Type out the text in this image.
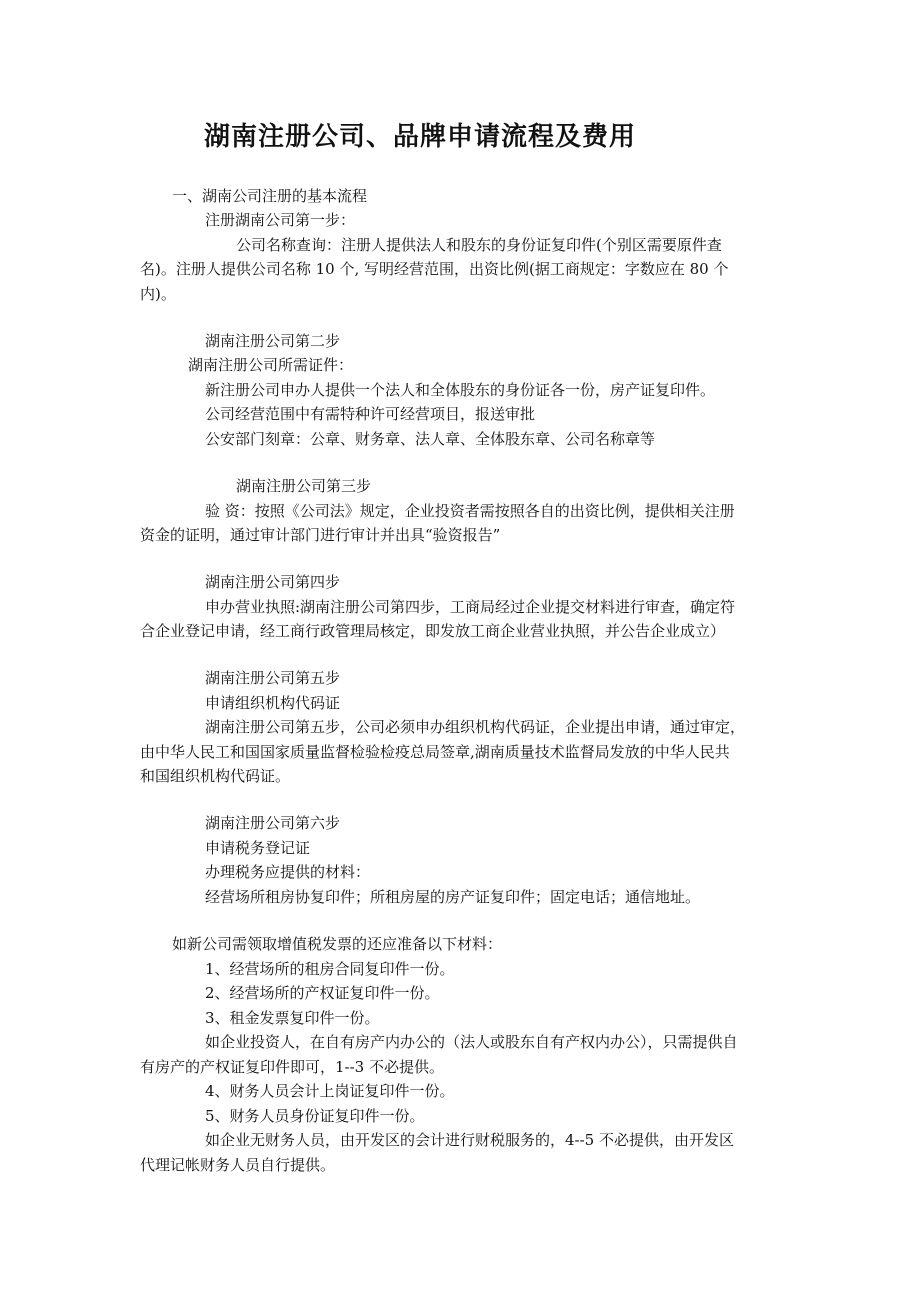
湖南注册公司、品牌申请流程及费用
一、湖南公司注册的基本流程
注册湖南公司第一步：
公司名称查询：注册人提供法人和股东的身份证复印件(个别区需要原件查
名)。注册人提供公司名称 10 个, 写明经营范围，出资比例(据工商规定：字数应在 80 个
内)。
湖南注册公司第二步
湖南注册公司所需证件：
新注册公司申办人提供一个法人和全体股东的身份证各一份，房产证复印件。
公司经营范围中有需特种许可经营项目，报送审批
公安部门刻章：公章、财务章、法人章、全体股东章、公司名称章等
湖南注册公司第三步
验 资：按照《公司法》规定，企业投资者需按照各自的出资比例，提供相关注册
资金的证明，通过审计部门进行审计并出具“验资报告”
湖南注册公司第四步
申办营业执照:湖南注册公司第四步，工商局经过企业提交材料进行审查，确定符
合企业登记申请，经工商行政管理局核定，即发放工商企业营业执照，并公告企业成立）
湖南注册公司第五步
申请组织机构代码证
湖南注册公司第五步，公司必须申办组织机构代码证，企业提出申请，通过审定，
由中华人民工和国国家质量监督检验检疫总局签章,湖南质量技术监督局发放的中华人民共
和国组织机构代码证。
湖南注册公司第六步
申请税务登记证
办理税务应提供的材料：
经营场所租房协复印件；所租房屋的房产证复印件；固定电话；通信地址。
如新公司需领取增值税发票的还应准备以下材料：
1、经营场所的租房合同复印件一份。
2、经营场所的产权证复印件一份。
3、租金发票复印件一份。
如企业投资人，在自有房产内办公的（法人或股东自有产权内办公），只需提供自
有房产的产权证复印件即可，1--3 不必提供。
4、财务人员会计上岗证复印件一份。
5、财务人员身份证复印件一份。
如企业无财务人员，由开发区的会计进行财税服务的，4--5 不必提供，由开发区
代理记帐财务人员自行提供。
